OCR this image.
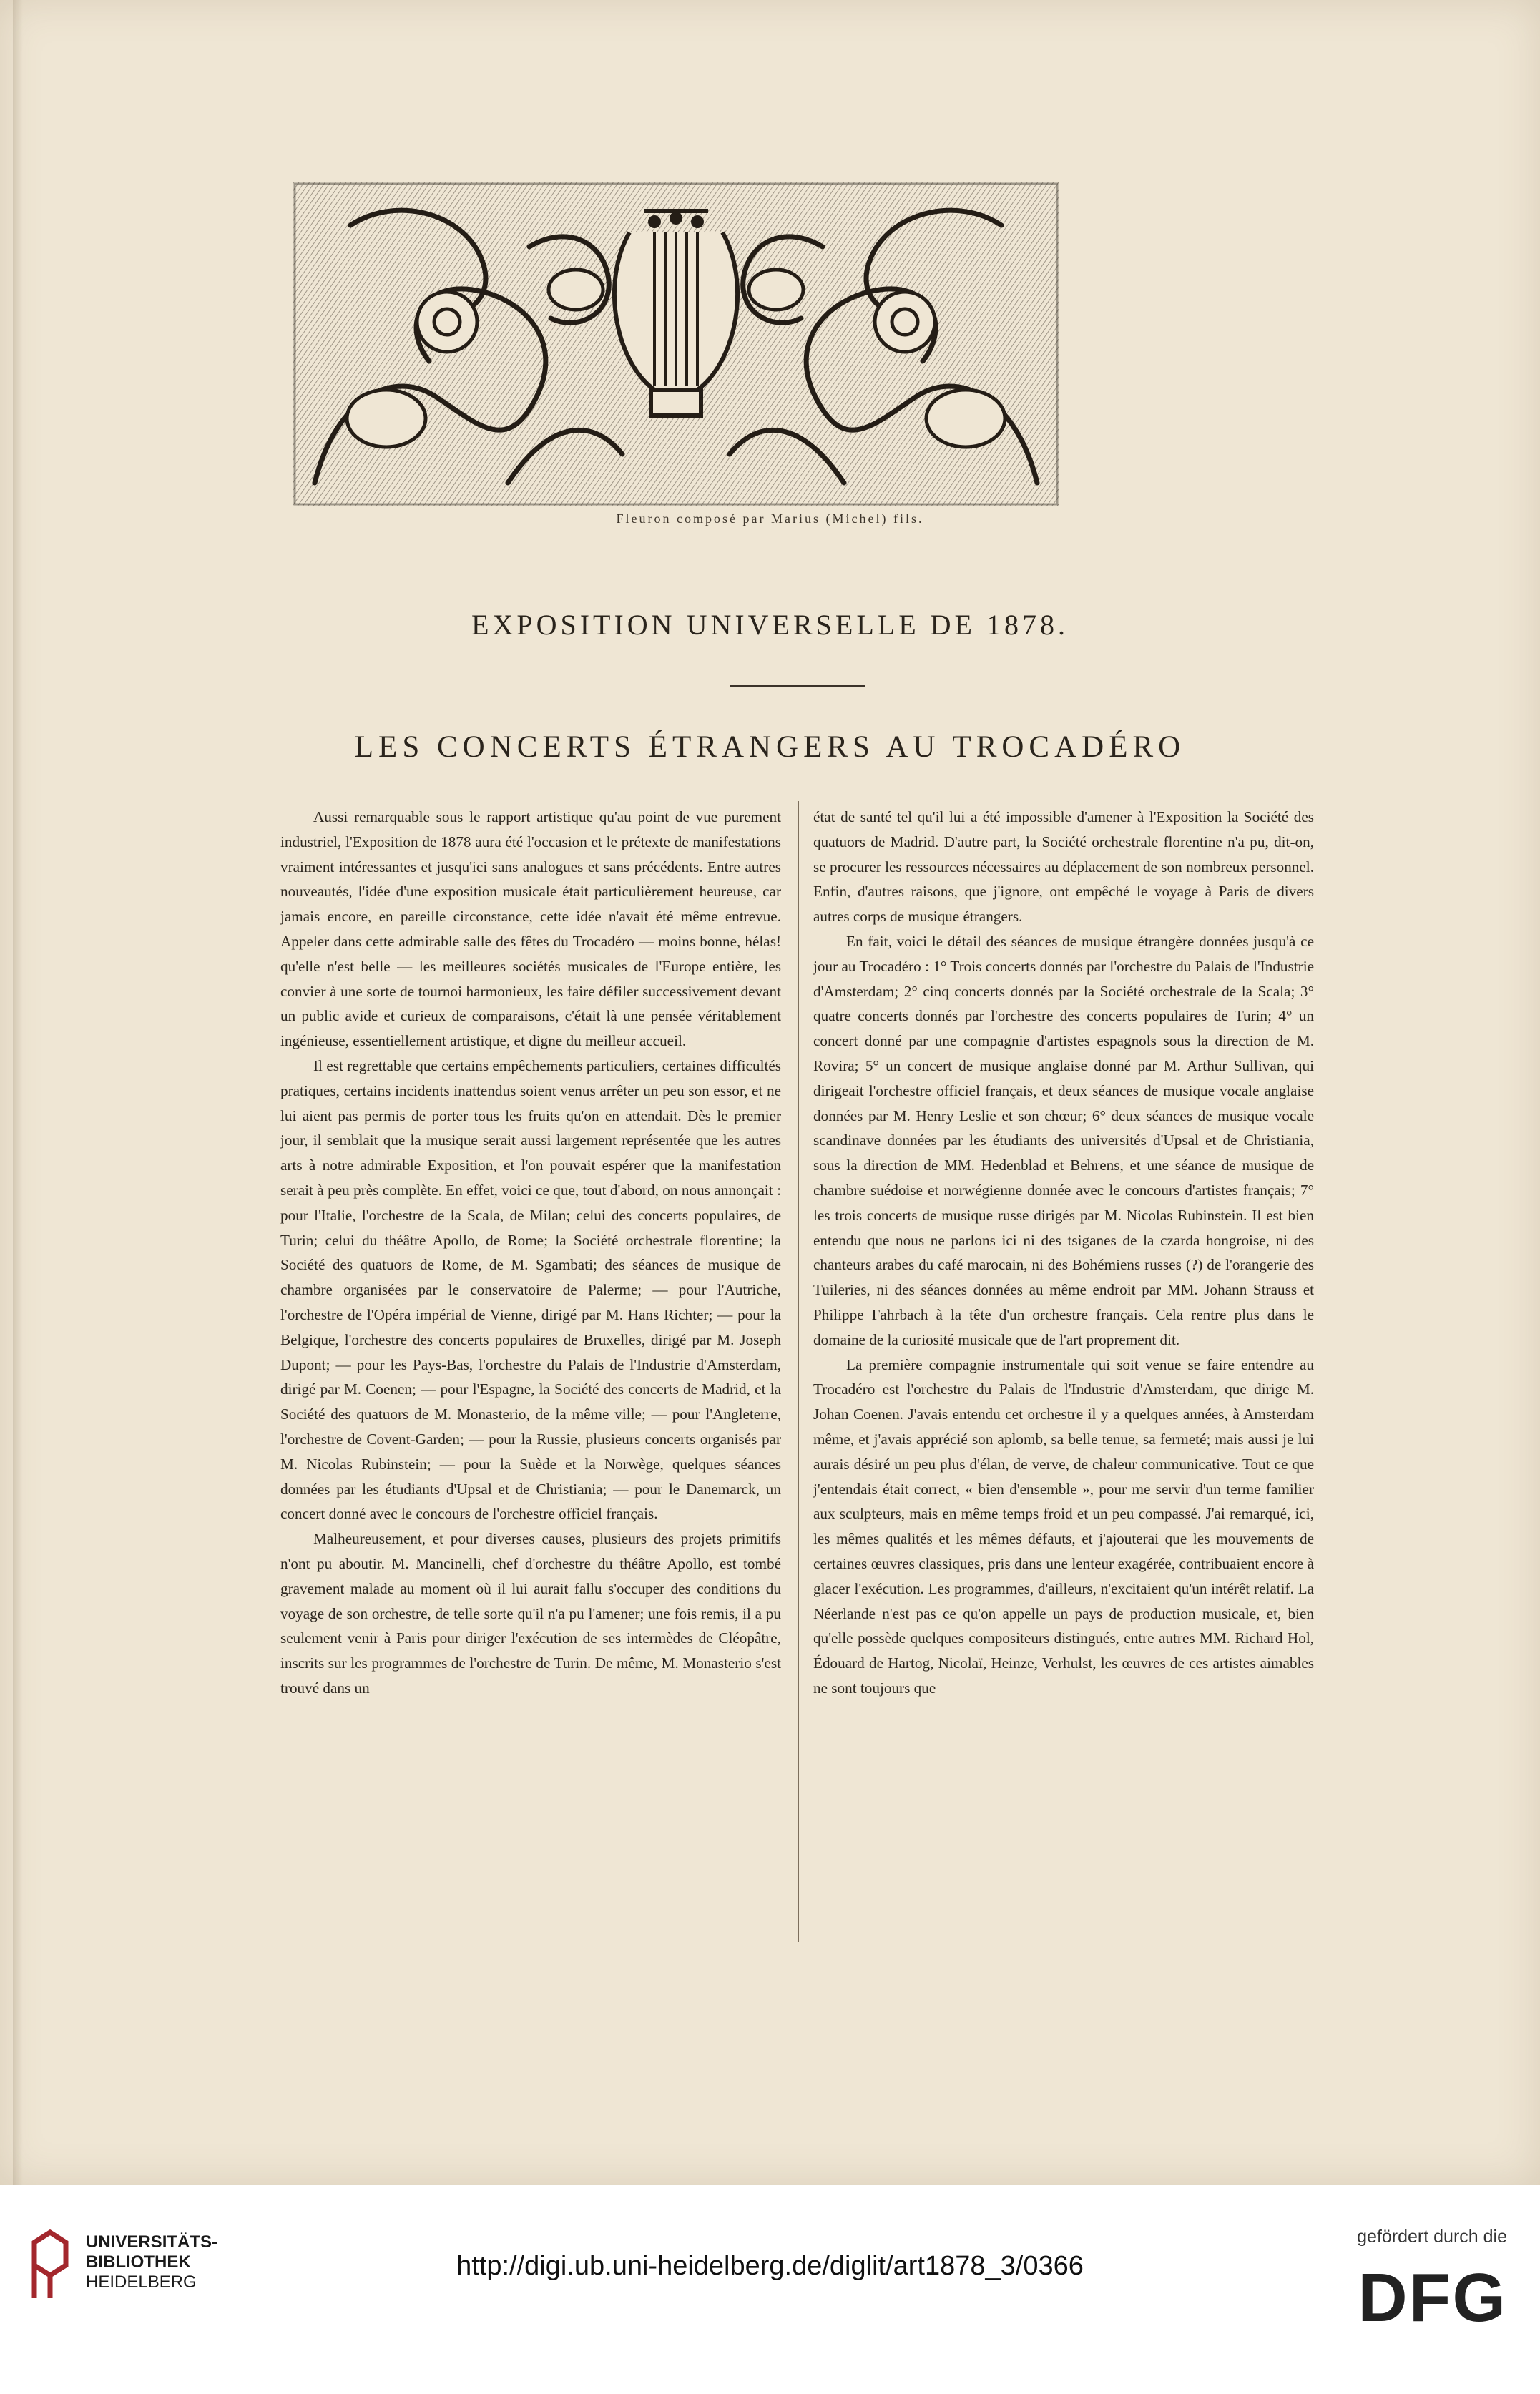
Fleuron composé par Marius (Michel) fils.
EXPOSITION UNIVERSELLE DE 1878.
LES CONCERTS ÉTRANGERS AU TROCADÉRO

Aussi remarquable sous le rapport artistique qu'au point de vue purement industriel, l'Exposition de 1878 aura été l'occasion et le prétexte de manifestations vraiment intéressantes et jusqu'ici sans analogues et sans précédents. Entre autres nouveautés, l'idée d'une exposition musicale était particulièrement heureuse, car jamais encore, en pareille circonstance, cette idée n'avait été même entrevue. Appeler dans cette admirable salle des fêtes du Trocadéro — moins bonne, hélas! qu'elle n'est belle — les meilleures sociétés musicales de l'Europe entière, les convier à une sorte de tournoi harmonieux, les faire défiler successivement devant un public avide et curieux de comparaisons, c'était là une pensée véritablement ingénieuse, essentiellement artistique, et digne du meilleur accueil.

Il est regrettable que certains empêchements particuliers, certaines difficultés pratiques, certains incidents inattendus soient venus arrêter un peu son essor, et ne lui aient pas permis de porter tous les fruits qu'on en attendait. Dès le premier jour, il semblait que la musique serait aussi largement représentée que les autres arts à notre admirable Exposition, et l'on pouvait espérer que la manifestation serait à peu près complète. En effet, voici ce que, tout d'abord, on nous annonçait : pour l'Italie, l'orchestre de la Scala, de Milan; celui des concerts populaires, de Turin; celui du théâtre Apollo, de Rome; la Société orchestrale florentine; la Société des quatuors de Rome, de M. Sgambati; des séances de musique de chambre organisées par le conservatoire de Palerme; — pour l'Autriche, l'orchestre de l'Opéra impérial de Vienne, dirigé par M. Hans Richter; — pour la Belgique, l'orchestre des concerts populaires de Bruxelles, dirigé par M. Joseph Dupont; — pour les Pays-Bas, l'orchestre du Palais de l'Industrie d'Amsterdam, dirigé par M. Coenen; — pour l'Espagne, la Société des concerts de Madrid, et la Société des quatuors de M. Monasterio, de la même ville; — pour l'Angleterre, l'orchestre de Covent-Garden; — pour la Russie, plusieurs concerts organisés par M. Nicolas Rubinstein; — pour la Suède et la Norwège, quelques séances données par les étudiants d'Upsal et de Christiania; — pour le Danemarck, un concert donné avec le concours de l'orchestre officiel français.

Malheureusement, et pour diverses causes, plusieurs des projets primitifs n'ont pu aboutir. M. Mancinelli, chef d'orchestre du théâtre Apollo, est tombé gravement malade au moment où il lui aurait fallu s'occuper des conditions du voyage de son orchestre, de telle sorte qu'il n'a pu l'amener; une fois remis, il a pu seulement venir à Paris pour diriger l'exécution de ses intermèdes de Cléopâtre, inscrits sur les programmes de l'orchestre de Turin. De même, M. Monasterio s'est trouvé dans un

état de santé tel qu'il lui a été impossible d'amener à l'Exposition la Société des quatuors de Madrid. D'autre part, la Société orchestrale florentine n'a pu, dit-on, se procurer les ressources nécessaires au déplacement de son nombreux personnel. Enfin, d'autres raisons, que j'ignore, ont empêché le voyage à Paris de divers autres corps de musique étrangers.

En fait, voici le détail des séances de musique étrangère données jusqu'à ce jour au Trocadéro : 1° Trois concerts donnés par l'orchestre du Palais de l'Industrie d'Amsterdam; 2° cinq concerts donnés par la Société orchestrale de la Scala; 3° quatre concerts donnés par l'orchestre des concerts populaires de Turin; 4° un concert donné par une compagnie d'artistes espagnols sous la direction de M. Rovira; 5° un concert de musique anglaise donné par M. Arthur Sullivan, qui dirigeait l'orchestre officiel français, et deux séances de musique vocale anglaise données par M. Henry Leslie et son chœur; 6° deux séances de musique vocale scandinave données par les étudiants des universités d'Upsal et de Christiania, sous la direction de MM. Hedenblad et Behrens, et une séance de musique de chambre suédoise et norwégienne donnée avec le concours d'artistes français; 7° les trois concerts de musique russe dirigés par M. Nicolas Rubinstein. Il est bien entendu que nous ne parlons ici ni des tsiganes de la czarda hongroise, ni des chanteurs arabes du café marocain, ni des Bohémiens russes (?) de l'orangerie des Tuileries, ni des séances données au même endroit par MM. Johann Strauss et Philippe Fahrbach à la tête d'un orchestre français. Cela rentre plus dans le domaine de la curiosité musicale que de l'art proprement dit.

La première compagnie instrumentale qui soit venue se faire entendre au Trocadéro est l'orchestre du Palais de l'Industrie d'Amsterdam, que dirige M. Johan Coenen. J'avais entendu cet orchestre il y a quelques années, à Amsterdam même, et j'avais apprécié son aplomb, sa belle tenue, sa fermeté; mais aussi je lui aurais désiré un peu plus d'élan, de verve, de chaleur communicative. Tout ce que j'entendais était correct, « bien d'ensemble », pour me servir d'un terme familier aux sculpteurs, mais en même temps froid et un peu compassé. J'ai remarqué, ici, les mêmes qualités et les mêmes défauts, et j'ajouterai que les mouvements de certaines œuvres classiques, pris dans une lenteur exagérée, contribuaient encore à glacer l'exécution. Les programmes, d'ailleurs, n'excitaient qu'un intérêt relatif. La Néerlande n'est pas ce qu'on appelle un pays de production musicale, et, bien qu'elle possède quelques compositeurs distingués, entre autres MM. Richard Hol, Édouard de Hartog, Nicolaï, Heinze, Verhulst, les œuvres de ces artistes aimables ne sont toujours que

UNIVERSITÄTS-
BIBLIOTHEK
HEIDELBERG
http://digi.ub.uni-heidelberg.de/diglit/art1878_3/0366
gefördert durch die
DFG
